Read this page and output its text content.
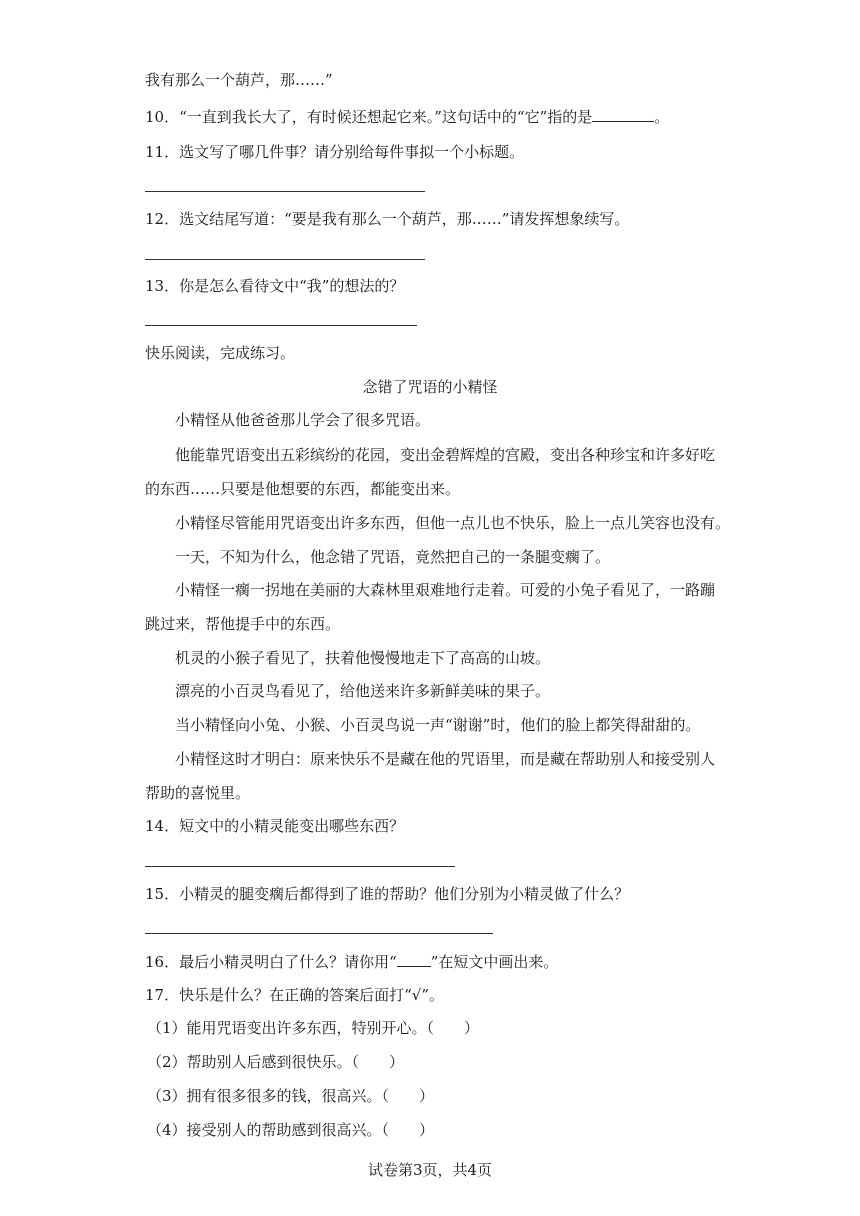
我有那么一个葫芦，那……”
10．“一直到我长大了，有时候还想起它来。”这句话中的“它”指的是	。
11．选文写了哪几件事？请分别给每件事拟一个小标题。
12．选文结尾写道：“要是我有那么一个葫芦，那……”请发挥想象续写。
13．你是怎么看待文中“我”的想法的？
快乐阅读，完成练习。
念错了咒语的小精怪
小精怪从他爸爸那儿学会了很多咒语。
他能靠咒语变出五彩缤纷的花园，变出金碧辉煌的宫殿，变出各种珍宝和许多好吃
的东西……只要是他想要的东西，都能变出来。
小精怪尽管能用咒语变出许多东西，但他一点儿也不快乐，脸上一点儿笑容也没有。
一天，不知为什么，他念错了咒语，竟然把自己的一条腿变瘸了。
小精怪一瘸一拐地在美丽的大森林里艰难地行走着。可爱的小兔子看见了，一路蹦
跳过来，帮他提手中的东西。
机灵的小猴子看见了，扶着他慢慢地走下了高高的山坡。
漂亮的小百灵鸟看见了，给他送来许多新鲜美味的果子。
当小精怪向小兔、小猴、小百灵鸟说一声“谢谢”时，他们的脸上都笑得甜甜的。
小精怪这时才明白：原来快乐不是藏在他的咒语里，而是藏在帮助别人和接受别人
帮助的喜悦里。
14．短文中的小精灵能变出哪些东西？
15．小精灵的腿变瘸后都得到了谁的帮助？他们分别为小精灵做了什么？
16．最后小精灵明白了什么？请你用“ ”在短文中画出来。
17．快乐是什么？在正确的答案后面打“√”。
（1）能用咒语变出许多东西，特别开心。（　　）
（2）帮助别人后感到很快乐。（　　）
（3）拥有很多很多的钱，很高兴。（　　）
（4）接受别人的帮助感到很高兴。（　　）
试卷第3页，共4页
